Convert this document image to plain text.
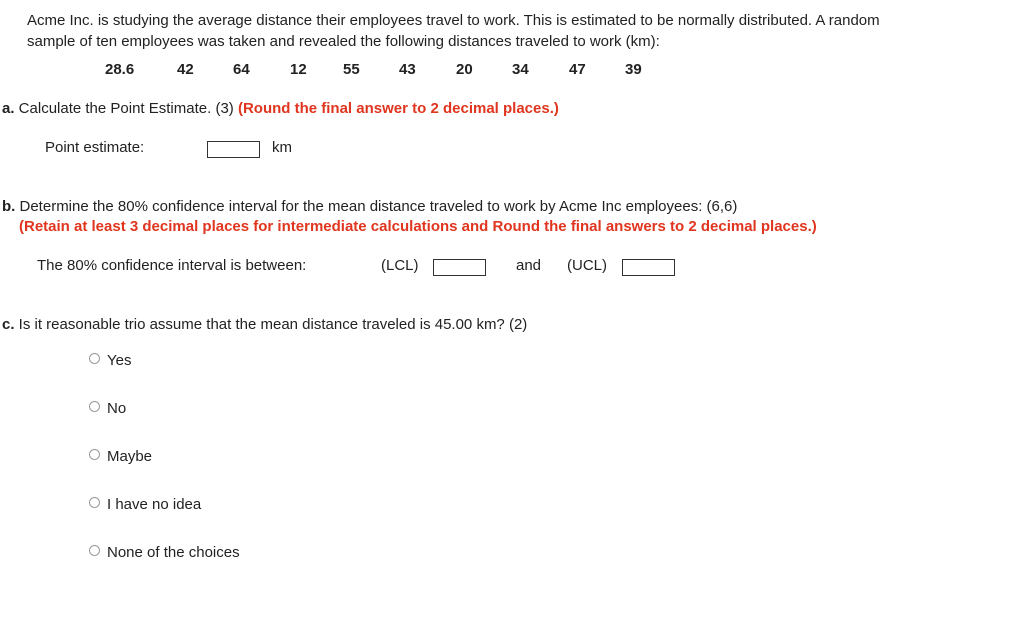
Acme Inc. is studying the average distance their employees travel to work. This is estimated to be normally distributed. A random
sample of ten employees was taken and revealed the following distances traveled to work (km):
28.6	42	64	12 55	43	20	34	47	39
a. Calculate the Point Estimate. (3) (Round the final answer to 2 decimal places.)
Point estimate:	km
b. Determine the 80% confidence interval for the mean distance traveled to work by Acme Inc employees: (6,6)
(Retain at least 3 decimal places for intermediate calculations and Round the final answers to 2 decimal places.)
The 80% confidence interval is between:	(LCL)	and (UCL)
c. Is it reasonable trio assume that the mean distance traveled is 45.00 km? (2)
Yes
No
Maybe
I have no idea
None of the choices
